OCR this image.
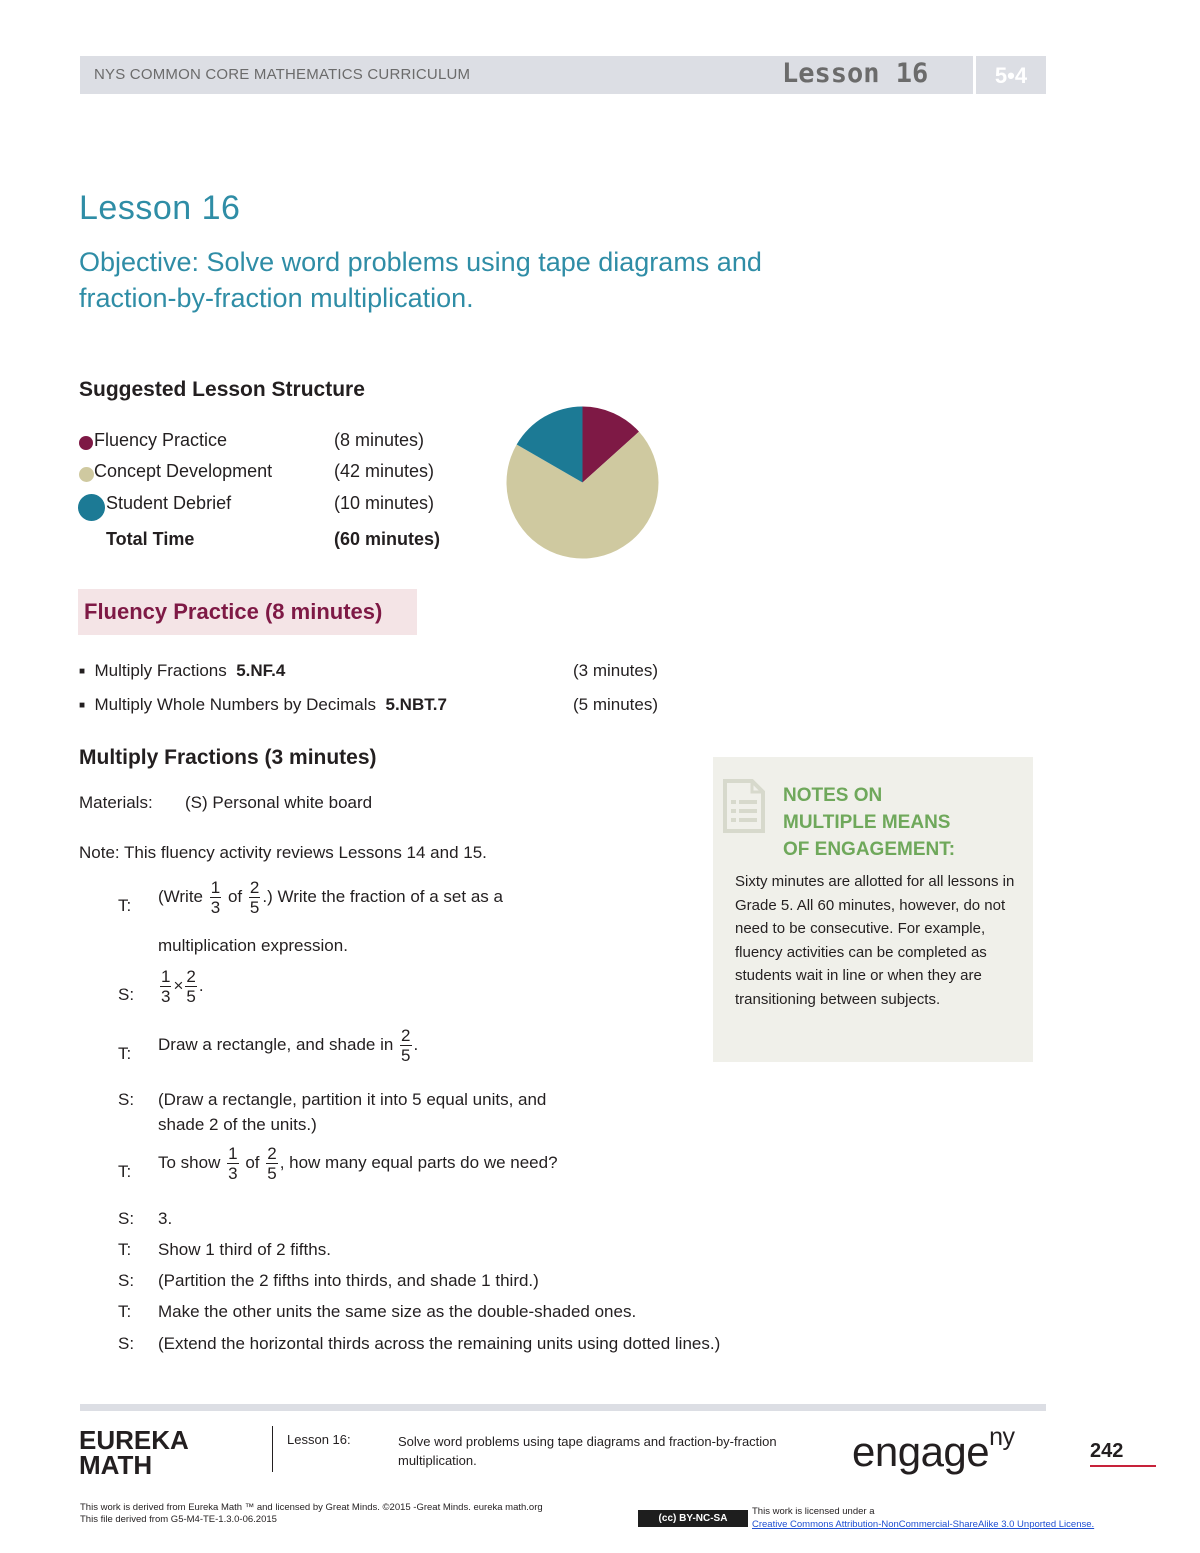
NYS COMMON CORE MATHEMATICS CURRICULUM	Lesson 16	5•4
Lesson 16
Objective: Solve word problems using tape diagrams and fraction-by-fraction multiplication.
Suggested Lesson Structure
Fluency Practice	(8 minutes)
Concept Development	(42 minutes)
Student Debrief	(10 minutes)
Total Time	(60 minutes)
Fluency Practice (8 minutes)
■ Multiply Fractions 5.NF.4	(3 minutes)
■ Multiply Whole Numbers by Decimals 5.NBT.7	(5 minutes)
Multiply Fractions (3 minutes)
Materials: (S) Personal white board
Note: This fluency activity reviews Lessons 14 and 15.
T: (Write $\frac{1}{3}$ of $\frac{2}{5}$ .) Write the fraction of a set as a
multiplication expression.
S: $\frac{1}{3} \times \frac{2}{5}$ .
T: Draw a rectangle, and shade in $\frac{2}{5}$ .
S: (Draw a rectangle, partition it into 5 equal units, and
shade 2 of the units.)
T: To show $\frac{1}{3}$ of $\frac{2}{5}$ , how many equal parts do we need?
S: 3.
T: Show 1 third of 2 fifths.
S: (Partition the 2 fifths into thirds, and shade 1 third.)
T: Make the other units the same size as the double-shaded ones.
S: (Extend the horizontal thirds across the remaining units using dotted lines.)
NOTES ON
MULTIPLE MEANS
OF ENGAGEMENT:
Sixty minutes are allotted for all lessons in Grade 5. All 60 minutes, however, do not need to be consecutive. For example, fluency activities can be completed as students wait in line or when they are transitioning between subjects.
EUREKA
MATH
Lesson 16:	Solve word problems using tape diagrams and fraction-by-fraction multiplication.	engage$^{ny}$	242
This work is derived from Eureka Math ™ and licensed by Great Minds. ©2015 -Great Minds. eureka math.org This file derived from G5-M4-TE-1.3.0-06.2015	(cc) BY-NC-SA
This work is licensed under a
Creative Commons Attribution-NonCommercial-ShareAlike 3.0 Unported License.
